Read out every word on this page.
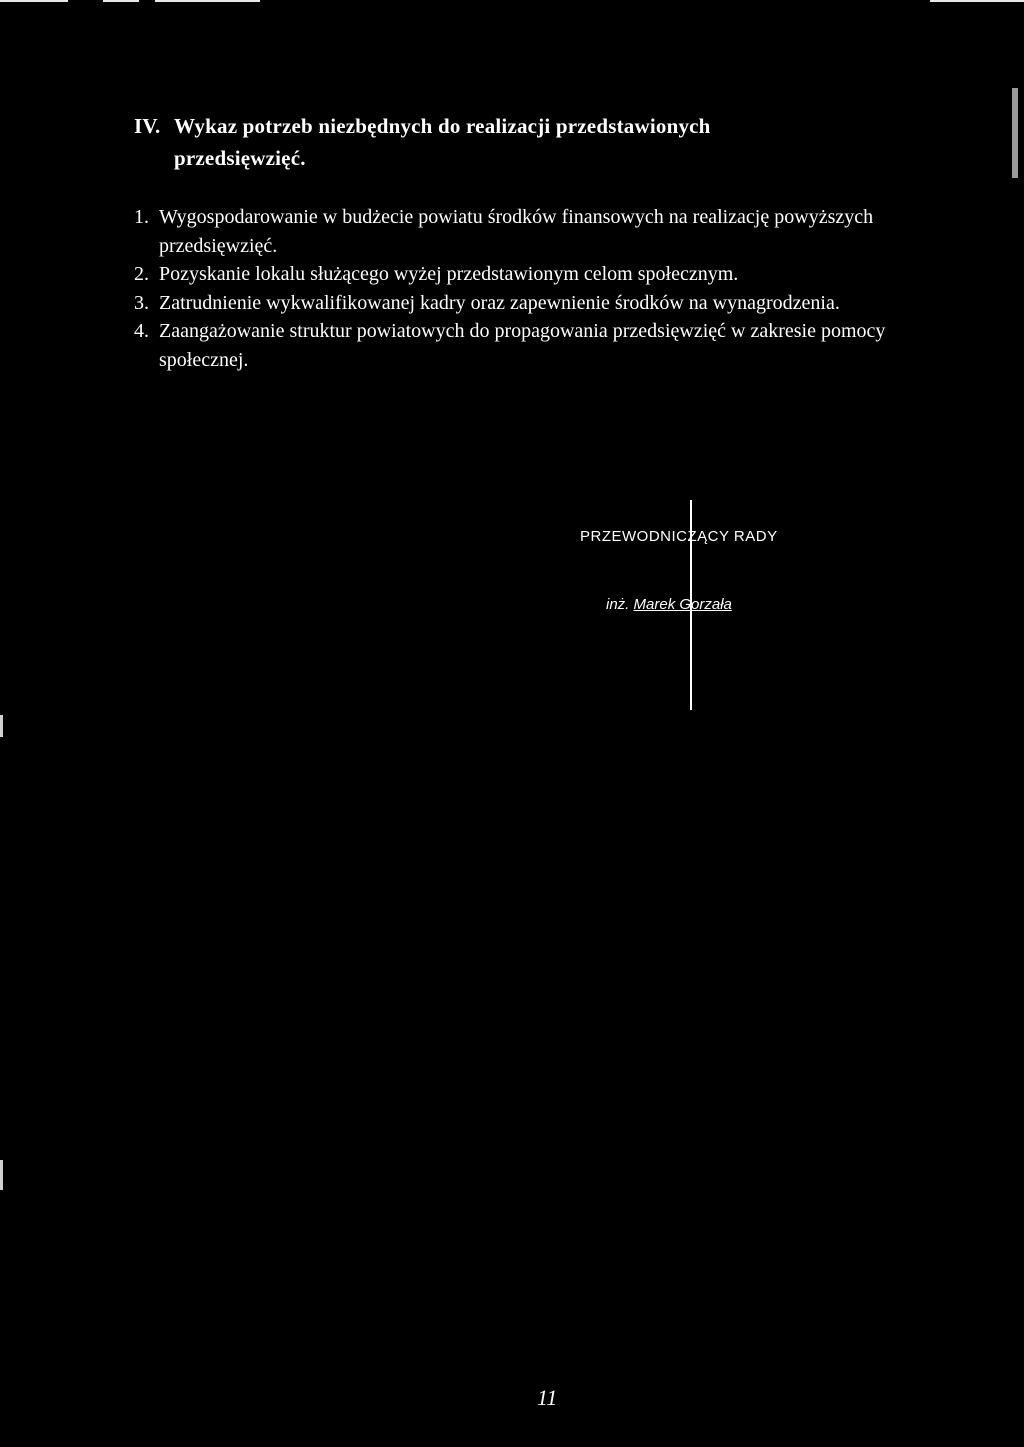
IV. Wykaz potrzeb niezbędnych do realizacji przedstawionych
przedsięwzięć.
1. Wygospodarowanie w budżecie powiatu środków finansowych na realizację powyższych przedsięwzięć.
2. Pozyskanie lokalu służącego wyżej przedstawionym celom społecznym.
3. Zatrudnienie wykwalifikowanej kadry oraz zapewnienie środków na wynagrodzenia.
4. Zaangażowanie struktur powiatowych do propagowania przedsięwzięć w zakresie pomocy społecznej.
PRZEWODNICZĄCY RADY
inż. Marek Gorzała
11
